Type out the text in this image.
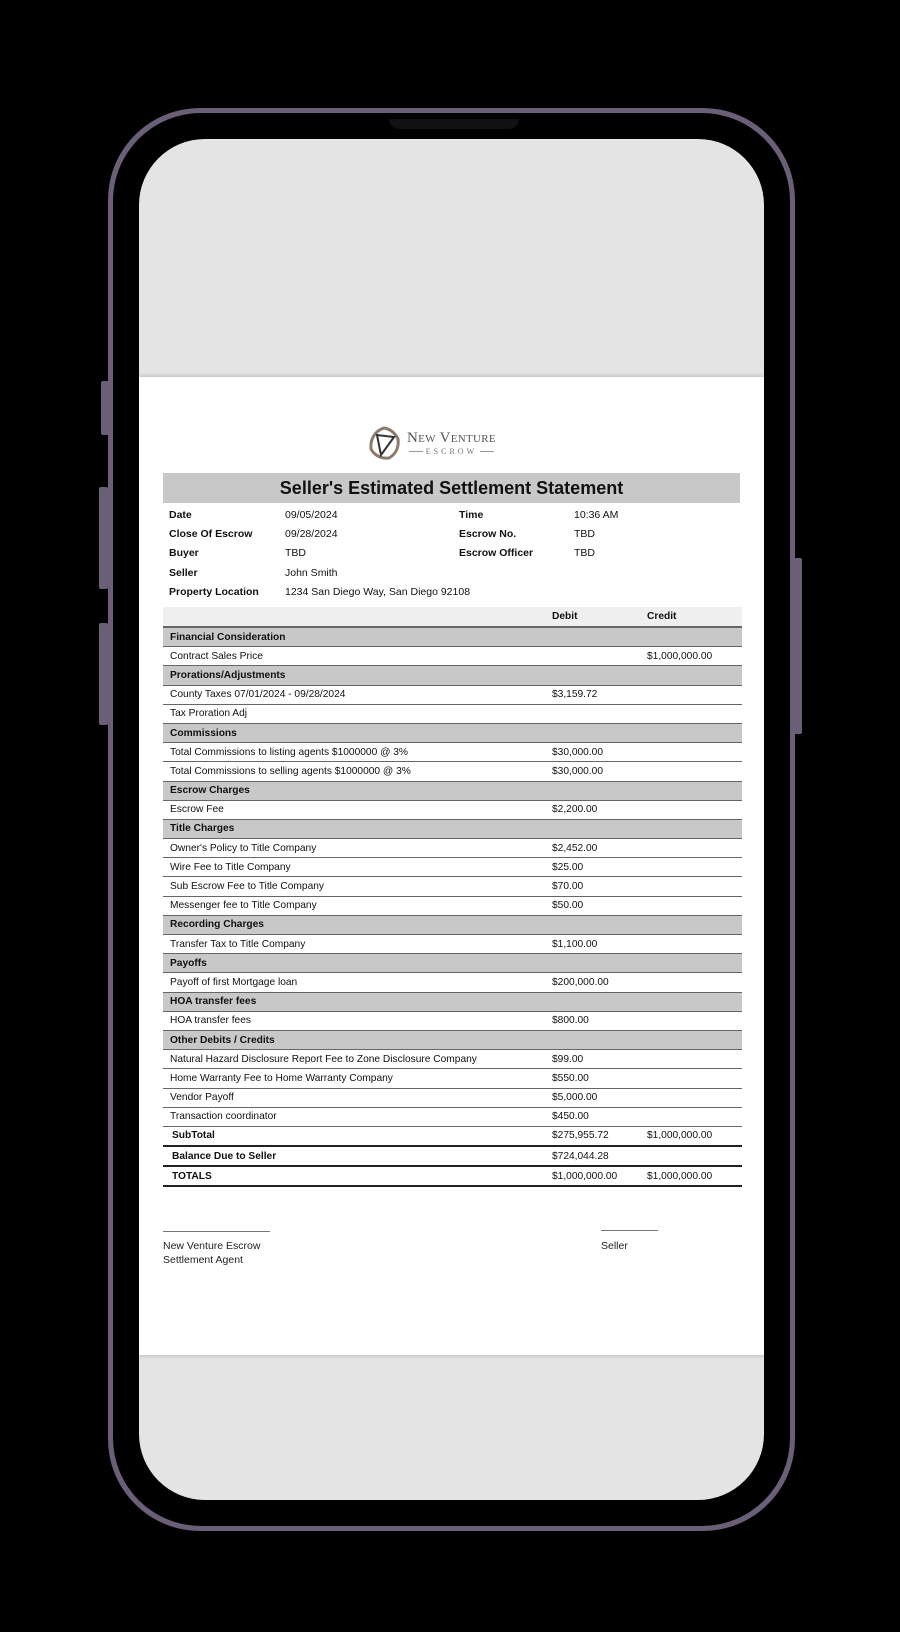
New Venture
ESCROW
Seller's Estimated Settlement Statement
Date	09/05/2024	Time	10:36 AM
Close Of Escrow	09/28/2024	Escrow No.	TBD
Buyer	TBD	Escrow Officer	TBD
Seller	John Smith
Property Location 1234 San Diego Way, San Diego 92108
	Debit	Credit
Financial Consideration		
Contract Sales Price		$1,000,000.00
Prorations/Adjustments		
County Taxes 07/01/2024 - 09/28/2024	$3,159.72	
Tax Proration Adj		
Commissions		
Total Commissions to listing agents $1000000 @ 3%	$30,000.00	
Total Commissions to selling agents $1000000 @ 3%	$30,000.00	
Escrow Charges		
Escrow Fee	$2,200.00	
Title Charges		
Owner's Policy to Title Company	$2,452.00	
Wire Fee to Title Company	$25.00	
Sub Escrow Fee to Title Company	$70.00	
Messenger fee to Title Company	$50.00	
Recording Charges		
Transfer Tax to Title Company	$1,100.00	
Payoffs		
Payoff of first Mortgage loan	$200,000.00	
HOA transfer fees		
HOA transfer fees	$800.00	
Other Debits / Credits		
Natural Hazard Disclosure Report Fee to Zone Disclosure Company	$99.00	
Home Warranty Fee to Home Warranty Company	$550.00	
Vendor Payoff	$5,000.00	
Transaction coordinator	$450.00	
SubTotal	$275,955.72	$1,000,000.00
Balance Due to Seller	$724,044.28	
TOTALS	$1,000,000.00	$1,000,000.00
New Venture Escrow
Settlement Agent
Seller
